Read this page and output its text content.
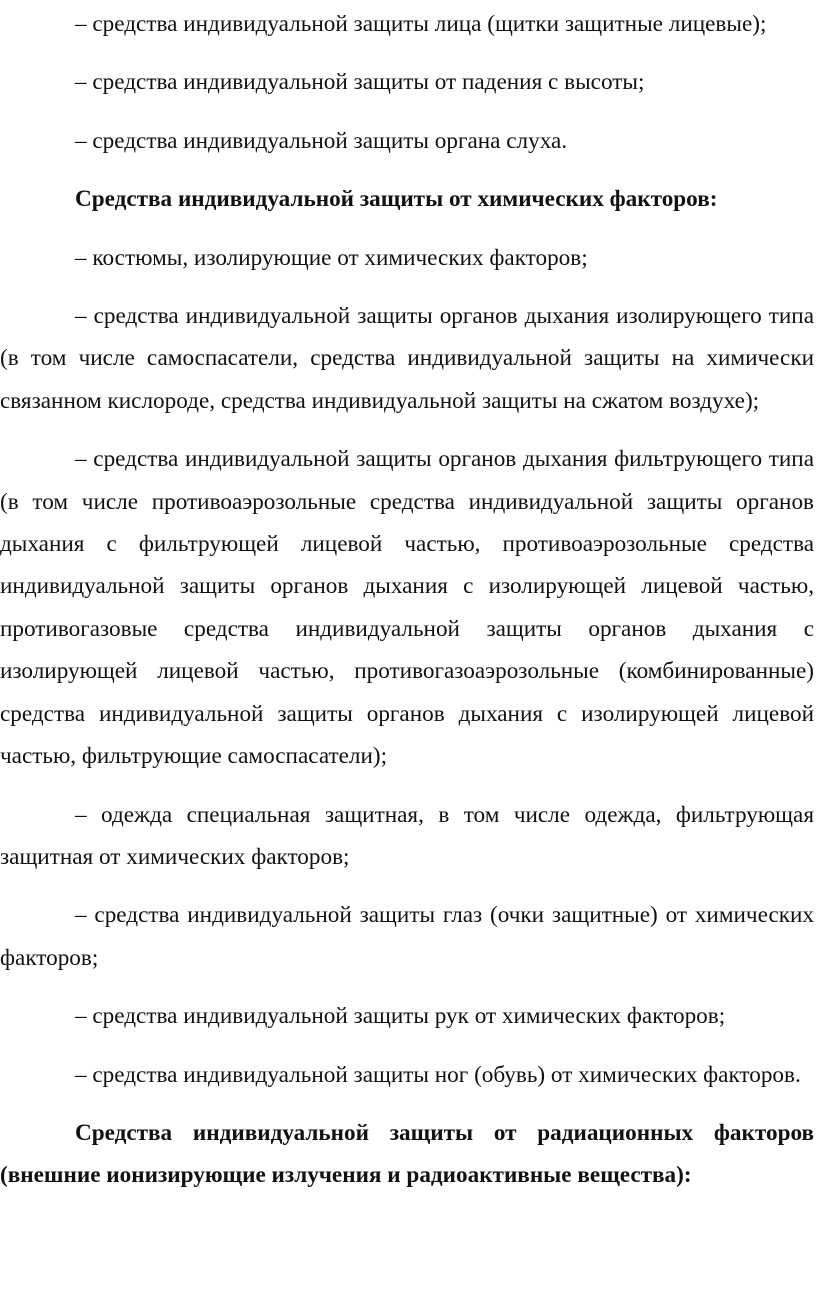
– средства индивидуальной защиты лица (щитки защитные лицевые);

– средства индивидуальной защиты от падения с высоты;

– средства индивидуальной защиты органа слуха.

Средства индивидуальной защиты от химических факторов:

– костюмы, изолирующие от химических факторов;

– средства индивидуальной защиты органов дыхания изолирующего типа (в том числе самоспасатели, средства индивидуальной защиты на химически связанном кислороде, средства индивидуальной защиты на сжатом воздухе);

– средства индивидуальной защиты органов дыхания фильтрующего типа (в том числе противоаэрозольные средства индивидуальной защиты органов дыхания с фильтрующей лицевой частью, противоаэрозольные средства индивидуальной защиты органов дыхания с изолирующей лицевой частью, противогазовые средства индивидуальной защиты органов дыхания с изолирующей лицевой частью, противогазоаэрозольные (комбинированные) средства индивидуальной защиты органов дыхания с изолирующей лицевой частью, фильтрующие самоспасатели);

– одежда специальная защитная, в том числе одежда, фильтрующая защитная от химических факторов;

– средства индивидуальной защиты глаз (очки защитные) от химических факторов;

– средства индивидуальной защиты рук от химических факторов;

– средства индивидуальной защиты ног (обувь) от химических факторов.

Средства индивидуальной защиты от радиационных факторов (внешние ионизирующие излучения и радиоактивные вещества):
